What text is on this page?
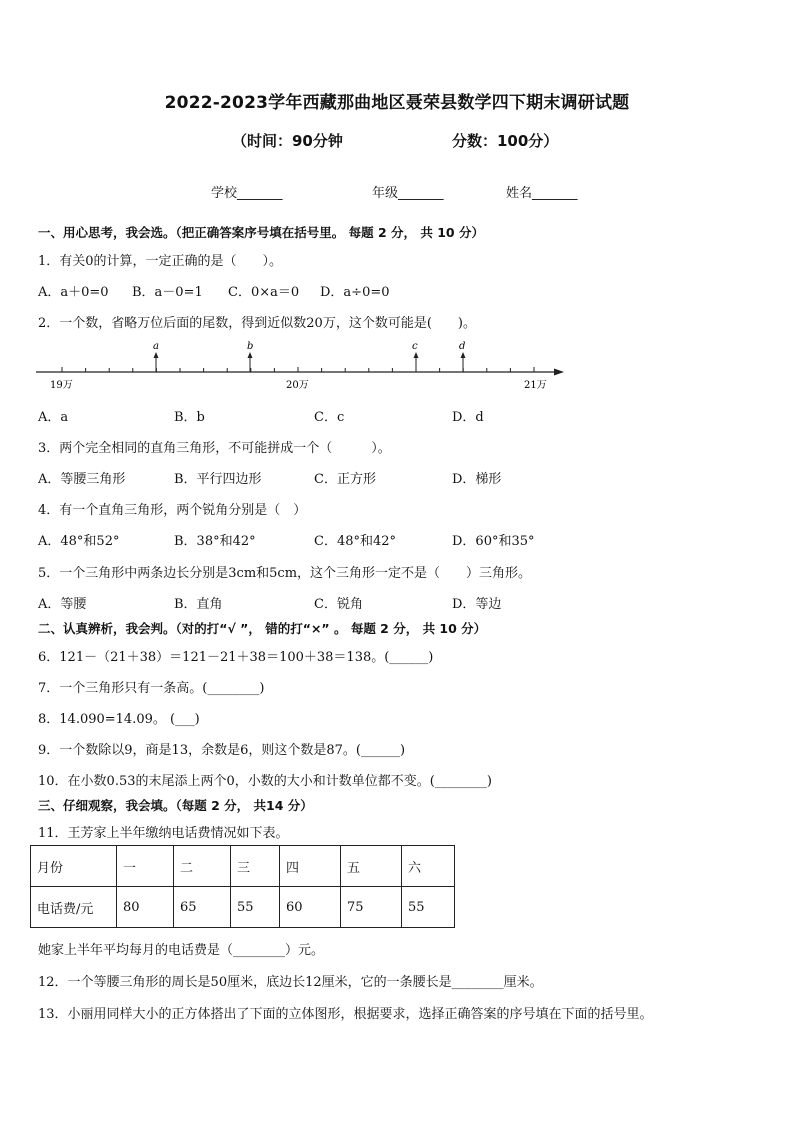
2022-2023学年西藏那曲地区聂荣县数学四下期末调研试题
（时间：90分钟	分数：100分）
学校_______	年级_______	姓名_______
一、用心思考，我会选。（把正确答案序号填在括号里。 每题 2 分， 共 10 分）
1．有关0的计算，一定正确的是（　　）。
A．a＋0=0 B．a－0=1 C．0×a＝0 D．a÷0=0
2．一个数，省略万位后面的尾数，得到近似数20万，这个数可能是(　　)。
19万	20万	21万
a	b	c	d
A．a	B．b	C．c	D．d
3．两个完全相同的直角三角形，不可能拼成一个（　　　）。
A．等腰三角形	B．平行四边形	C．正方形	D．梯形
4．有一个直角三角形，两个锐角分别是（　）
A．48°和52°	B．38°和42°	C．48°和42°	D．60°和35°
5．一个三角形中两条边长分别是3cm和5cm，这个三角形一定不是（　　）三角形。
A．等腰	B．直角	C．锐角	D．等边
二、认真辨析，我会判。（对的打“√ ”， 错的打“×” 。 每题 2 分， 共 10 分）
6．121－（21＋38）＝121－21＋38＝100＋38＝138。(______)
7．一个三角形只有一条高。(________)
8．14.090=14.09。 (___)
9．一个数除以9，商是13，余数是6，则这个数是87。(______)
10．在小数0.53的末尾添上两个0，小数的大小和计数单位都不变。(________)
三、仔细观察，我会填。（每题 2 分， 共14 分）
11．王芳家上半年缴纳电话费情况如下表。
月份	一	二	三	四	五	六
电话费/元	80	65	55	60	75	55
她家上半年平均每月的电话费是（________）元。
12．一个等腰三角形的周长是50厘米，底边长12厘米，它的一条腰长是________厘米。
13．小丽用同样大小的正方体搭出了下面的立体图形，根据要求，选择正确答案的序号填在下面的括号里。
